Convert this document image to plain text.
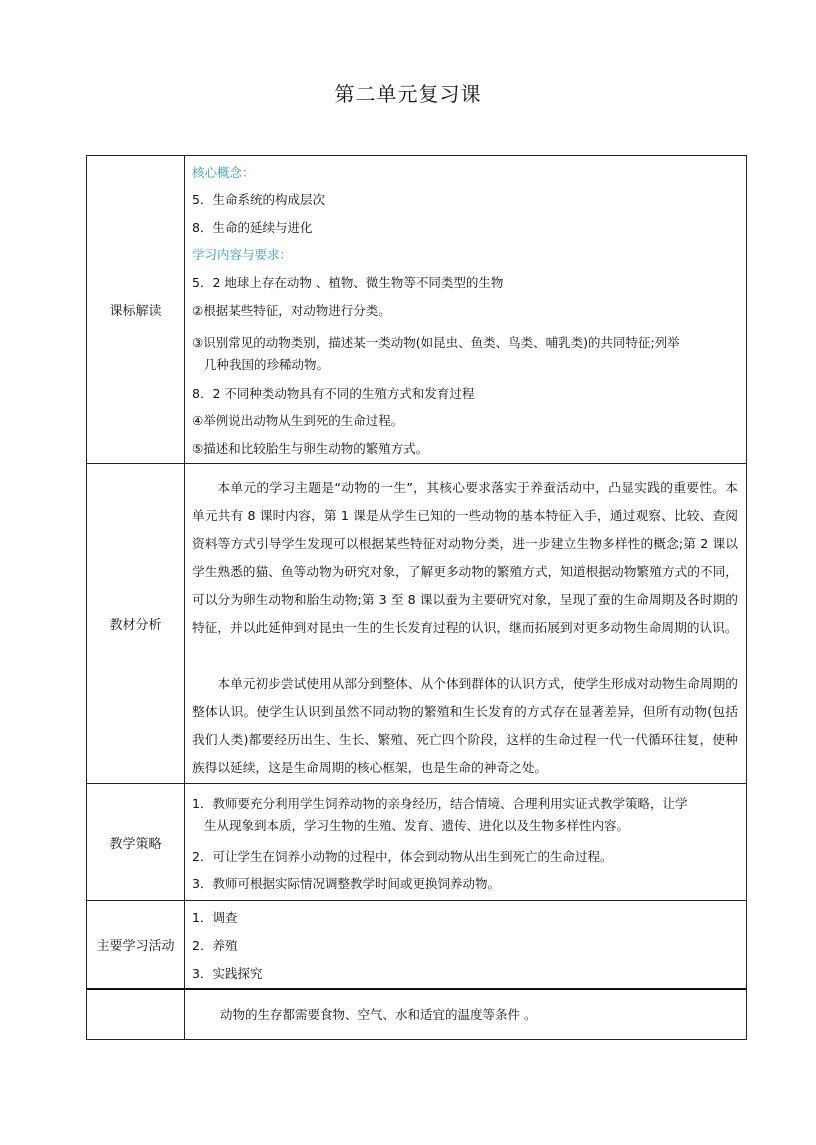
第二单元复习课
课标解读
核心概念：
5．生命系统的构成层次
8．生命的延续与进化
学习内容与要求：
5．2 地球上存在动物 、植物、微生物等不同类型的生物
②根据某些特征，对动物进行分类。
③识别常见的动物类别，描述某一类动物(如昆虫、鱼类、鸟类、哺乳类)的共同特征;列举
几种我国的珍稀动物。
8．2 不同种类动物具有不同的生殖方式和发育过程
④举例说出动物从生到死的生命过程。
⑤描述和比较胎生与卵生动物的繁殖方式。
教材分析
本单元的学习主题是“动物的一生”，其核心要求落实于养蚕活动中，凸显实践的重要性。本单元共有 8 课时内容，第 1 课是从学生已知的一些动物的基本特征入手，通过观察、比较、查阅资料等方式引导学生发现可以根据某些特征对动物分类，进一步建立生物多样性的概念;第 2 课以学生熟悉的猫、鱼等动物为研究对象，了解更多动物的繁殖方式，知道根据动物繁殖方式的不同，可以分为卵生动物和胎生动物;第 3 至 8 课以蚕为主要研究对象，呈现了蚕的生命周期及各时期的特征，并以此延伸到对昆虫一生的生长发育过程的认识，继而拓展到对更多动物生命周期的认识。
本单元初步尝试使用从部分到整体、从个体到群体的认识方式，使学生形成对动物生命周期的整体认识。使学生认识到虽然不同动物的繁殖和生长发育的方式存在显著差异，但所有动物(包括我们人类)都要经历出生、生长、繁殖、死亡四个阶段，这样的生命过程一代一代循环往复，使种族得以延续，这是生命周期的核心框架，也是生命的神奇之处。
教学策略
1．教师要充分利用学生饲养动物的亲身经历，结合情境、合理利用实证式教学策略，让学
生从现象到本质，学习生物的生殖、发育、遗传、进化以及生物多样性内容。
2．可让学生在饲养小动物的过程中，体会到动物从出生到死亡的生命过程。
3．教师可根据实际情况调整教学时间或更换饲养动物。
主要学习活动
1．调查
2．养殖
3．实践探究
动物的生存都需要食物、空气、水和适宜的温度等条件 。
